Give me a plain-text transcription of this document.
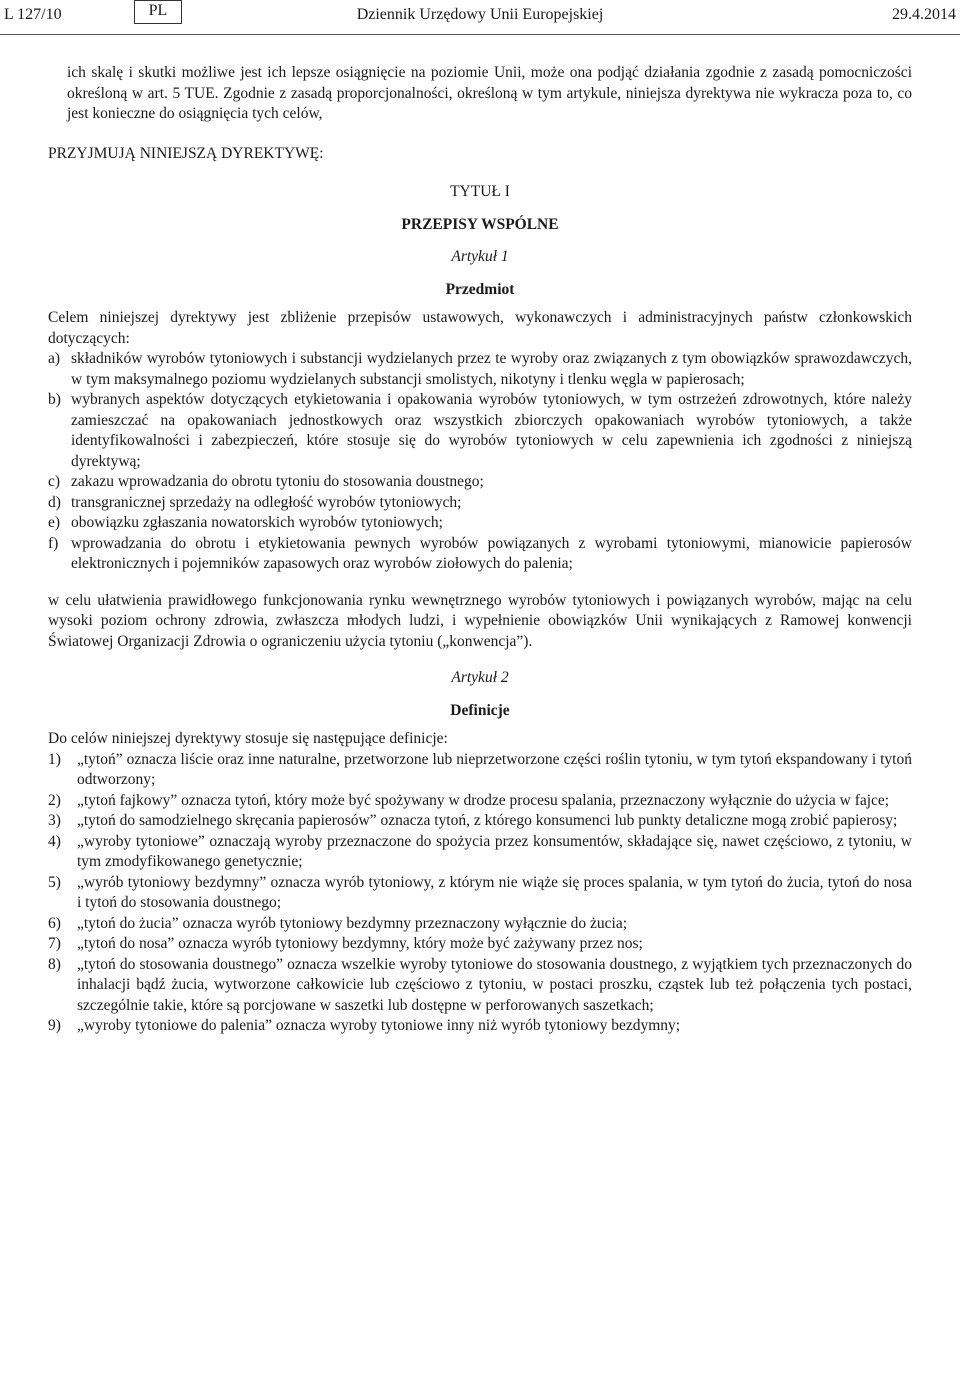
L 127/10	PL	Dziennik Urzędowy Unii Europejskiej	29.4.2014

ich skalę i skutki możliwe jest ich lepsze osiągnięcie na poziomie Unii, może ona podjąć działania zgodnie z zasadą pomocniczości określoną w art. 5 TUE. Zgodnie z zasadą proporcjonalności, określoną w tym artykule, niniejsza dyrektywa nie wykracza poza to, co jest konieczne do osiągnięcia tych celów,

PRZYJMUJĄ NINIEJSZĄ DYREKTYWĘ:

TYTUŁ I

PRZEPISY WSPÓLNE

Artykuł 1

Przedmiot

Celem niniejszej dyrektywy jest zbliżenie przepisów ustawowych, wykonawczych i administracyjnych państw członkowskich dotyczących:

a) składników wyrobów tytoniowych i substancji wydzielanych przez te wyroby oraz związanych z tym obowiązków sprawozdawczych, w tym maksymalnego poziomu wydzielanych substancji smolistych, nikotyny i tlenku węgla w papierosach;

b) wybranych aspektów dotyczących etykietowania i opakowania wyrobów tytoniowych, w tym ostrzeżeń zdrowotnych, które należy zamieszczać na opakowaniach jednostkowych oraz wszystkich zbiorczych opakowaniach wyrobów tytoniowych, a także identyfikowalności i zabezpieczeń, które stosuje się do wyrobów tytoniowych w celu zapewnienia ich zgodności z niniejszą dyrektywą;

c) zakazu wprowadzania do obrotu tytoniu do stosowania doustnego;

d) transgranicznej sprzedaży na odległość wyrobów tytoniowych;

e) obowiązku zgłaszania nowatorskich wyrobów tytoniowych;

f) wprowadzania do obrotu i etykietowania pewnych wyrobów powiązanych z wyrobami tytoniowymi, mianowicie papierosów elektronicznych i pojemników zapasowych oraz wyrobów ziołowych do palenia;

w celu ułatwienia prawidłowego funkcjonowania rynku wewnętrznego wyrobów tytoniowych i powiązanych wyrobów, mając na celu wysoki poziom ochrony zdrowia, zwłaszcza młodych ludzi, i wypełnienie obowiązków Unii wynikających z Ramowej konwencji Światowej Organizacji Zdrowia o ograniczeniu użycia tytoniu („konwencja”).

Artykuł 2

Definicje

Do celów niniejszej dyrektywy stosuje się następujące definicje:

1) „tytoń” oznacza liście oraz inne naturalne, przetworzone lub nieprzetworzone części roślin tytoniu, w tym tytoń ekspandowany i tytoń odtworzony;

2) „tytoń fajkowy” oznacza tytoń, który może być spożywany w drodze procesu spalania, przeznaczony wyłącznie do użycia w fajce;

3) „tytoń do samodzielnego skręcania papierosów” oznacza tytoń, z którego konsumenci lub punkty detaliczne mogą zrobić papierosy;

4) „wyroby tytoniowe” oznaczają wyroby przeznaczone do spożycia przez konsumentów, składające się, nawet częściowo, z tytoniu, w tym zmodyfikowanego genetycznie;

5) „wyrób tytoniowy bezdymny” oznacza wyrób tytoniowy, z którym nie wiąże się proces spalania, w tym tytoń do żucia, tytoń do nosa i tytoń do stosowania doustnego;

6) „tytoń do żucia” oznacza wyrób tytoniowy bezdymny przeznaczony wyłącznie do żucia;

7) „tytoń do nosa” oznacza wyrób tytoniowy bezdymny, który może być zażywany przez nos;

8) „tytoń do stosowania doustnego” oznacza wszelkie wyroby tytoniowe do stosowania doustnego, z wyjątkiem tych przeznaczonych do inhalacji bądź żucia, wytworzone całkowicie lub częściowo z tytoniu, w postaci proszku, cząstek lub też połączenia tych postaci, szczególnie takie, które są porcjowane w saszetki lub dostępne w perforowanych saszetkach;

9) „wyroby tytoniowe do palenia” oznacza wyroby tytoniowe inny niż wyrób tytoniowy bezdymny;
